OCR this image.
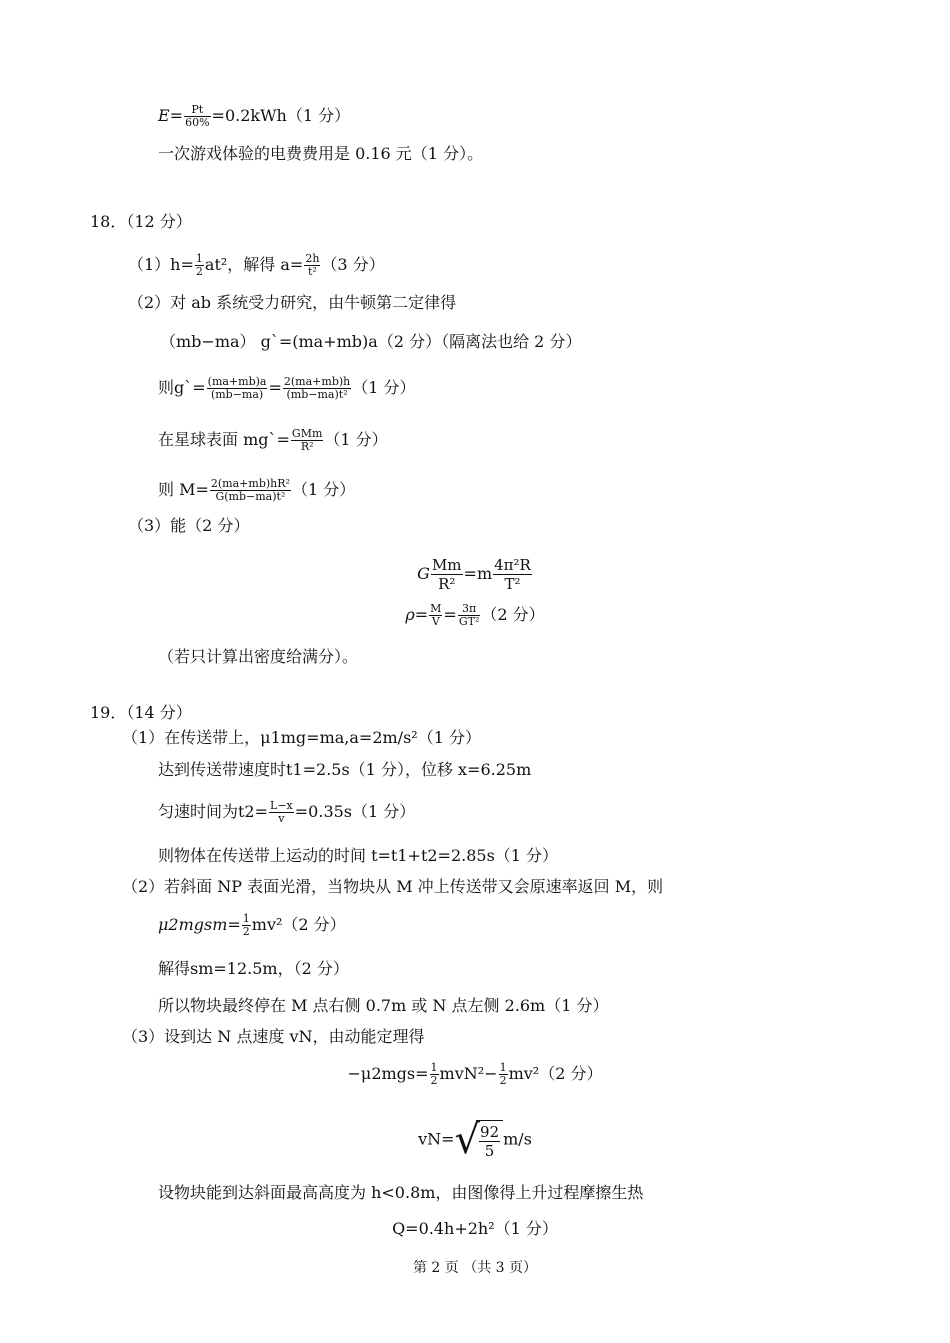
$E= \frac{Pt}{60\%} =0.2kWh(1$ 分）
一次游戏体验的电费费用是 0.16 元（1 分）。
18．（12 分）
$(1)h= \frac{1}{2} at^2$，解得 $a= \frac{2h}{\text{t²}} (3$ 分）
（2）对 ab 系统受力研究，由牛顿第二定律得
（mb−ma） g`=(ma+mb)a（2 分）（隔离法也给 2 分）
则g`= $\frac{(ma+mb)a}{(mb-ma)} = \frac{2(ma+mb)h}{\text{(mb−ma)t²}} (1$ 分）
在星球表面 mg`= $\frac{\text{GMm}}{\text{R²}} (1$ 分）
则 $M= \frac{\text{2(ma+mb)hR²}}{\text{G(mb−ma)t²}} (1$ 分）
（3）能（2 分）
G $\frac{Mm}{\text{R²}} =m \frac{\text{4π²R}}{\text{T²}}$
$\rho= \frac{M}{V} = \frac{3\pi}{\text{GT²}} (2$ 分）
（若只计算出密度给满分）。
19．（14 分）
（1）在传送带上，μ1mg=ma,a=2m/s²（1 分）
达到传送带速度时t1=2.5s（1 分），位移 x=6.25m
匀速时间为$t2= \frac{L-x}{v} =0.35s(1$ 分）
则物体在传送带上运动的时间 t=t1+t2=2.85s（1 分）
（2）若斜面 NP 表面光滑，当物块从 M 冲上传送带又会原速率返回 M，则
μ2mgsm= $\frac{1}{2} mv^2(2$ 分）
解得sm=12.5m，（2 分）
所以物块最终停在 M 点右侧 0.7m 或 N 点左侧 2.6m（1 分）
（3）设到达 N 点速度 vN，由动能定理得
$-\mu 2mgs= \frac{1}{2} mvN^2- \frac{1}{2} mv^2(2$ 分）
$vN=√ \frac{92}{5} m/s$
设物块能到达斜面最高高度为 h<0.8m，由图像得上升过程摩擦生热
Q=0.4h+2h²（1 分）
第 2 页 （共 3 页）
